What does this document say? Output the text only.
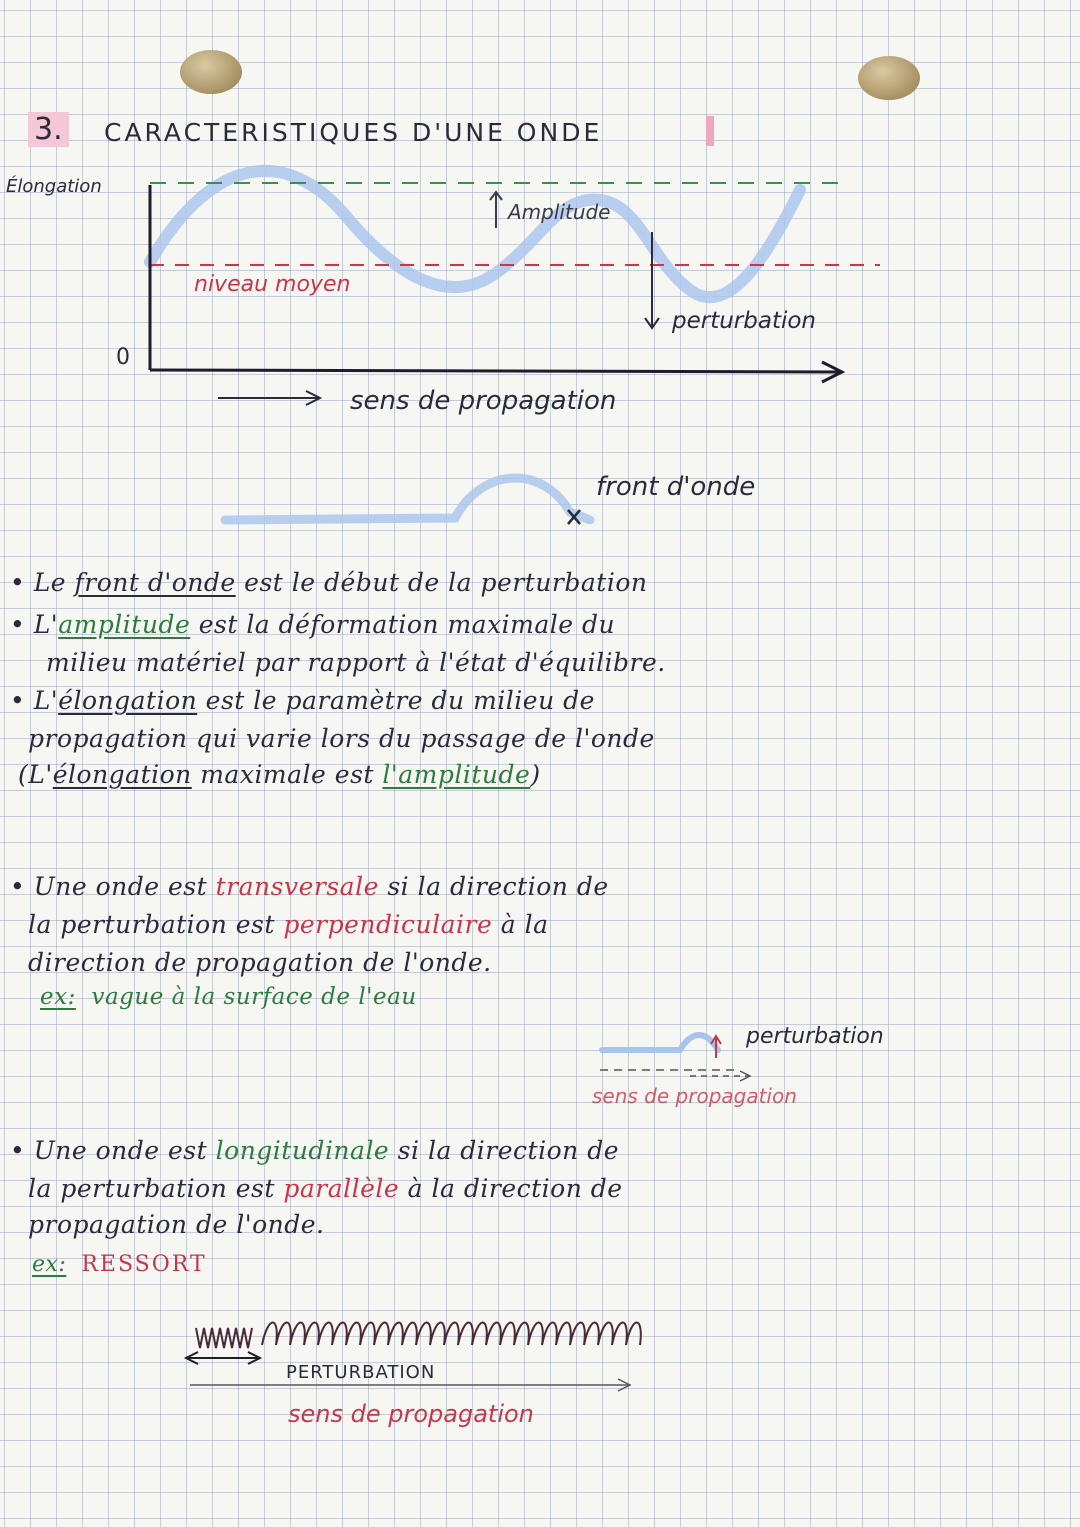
3. CARACTERISTIQUES D'UNE ONDE
Élongation
0
Amplitude
niveau moyen
perturbation
sens de propagation
front d'onde
• Le front d'onde est le début de la perturbation
• L'amplitude est la déformation maximale du
milieu matériel par rapport à l'état d'équilibre.
• L'élongation est le paramètre du milieu de
propagation qui varie lors du passage de l'onde
(L'élongation maximale est l'amplitude)
• Une onde est transversale si la direction de
la perturbation est perpendiculaire à la
direction de propagation de l'onde.
ex: vague à la surface de l'eau
perturbation
sens de propagation
• Une onde est longitudinale si la direction de
la perturbation est parallèle à la direction de
propagation de l'onde.
ex: RESSORT
PERTURBATION
sens de propagation
